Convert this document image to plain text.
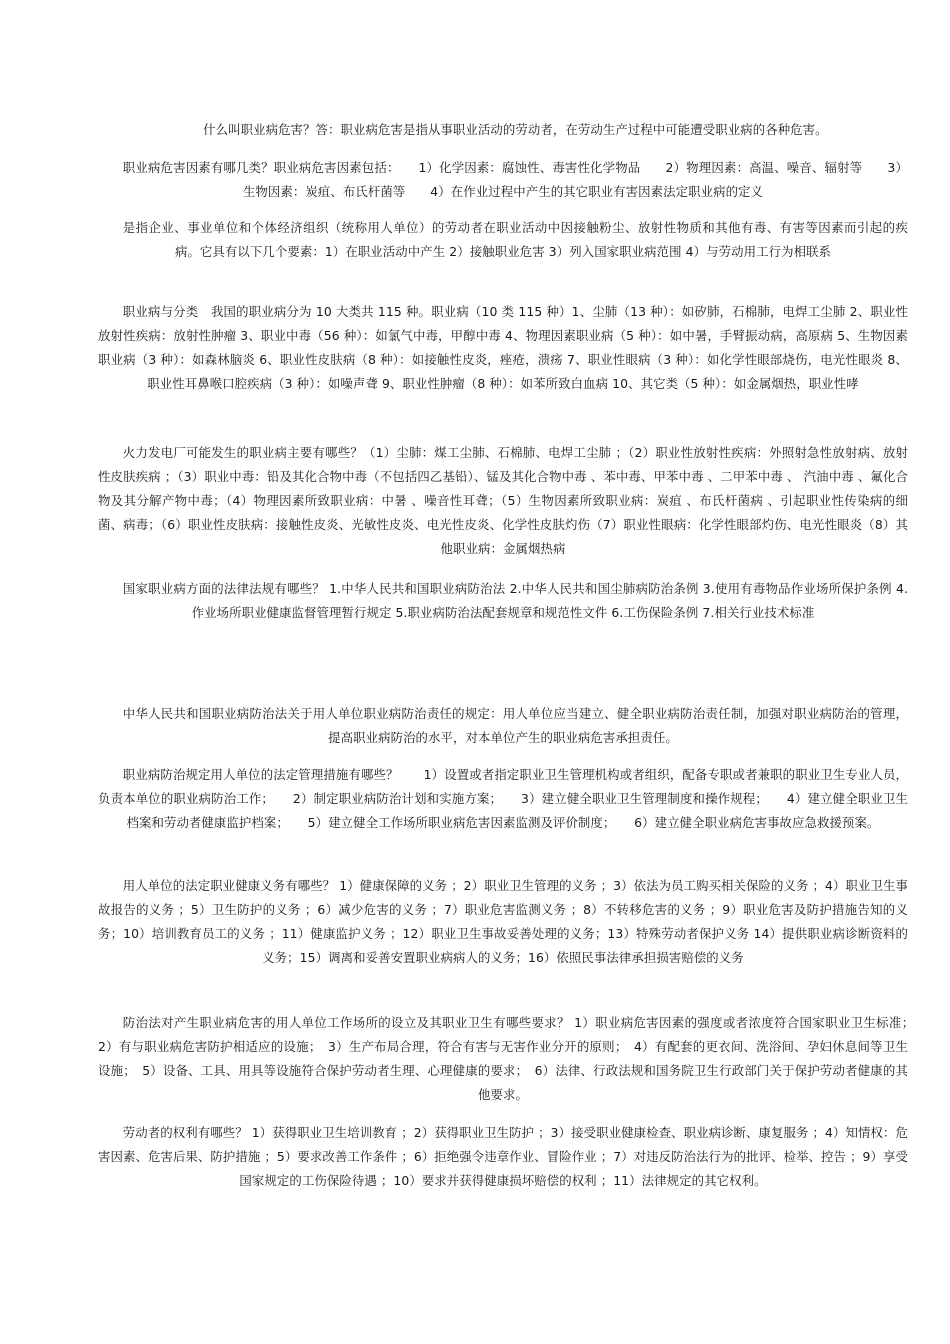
什么叫职业病危害？答：职业病危害是指从事职业活动的劳动者，在劳动生产过程中可能遭受职业病的各种危害。

职业病危害因素有哪几类？职业病危害因素包括：　　1）化学因素：腐蚀性、毒害性化学物品　　2）物理因素：高温、噪音、辐射等　　3）生物因素：炭疽、布氏杆菌等　　4）在作业过程中产生的其它职业有害因素法定职业病的定义

是指企业、事业单位和个体经济组织（统称用人单位）的劳动者在职业活动中因接触粉尘、放射性物质和其他有毒、有害等因素而引起的疾病。它具有以下几个要素：1）在职业活动中产生 2）接触职业危害 3）列入国家职业病范围 4）与劳动用工行为相联系

职业病与分类　我国的职业病分为 10 大类共 115 种。职业病（10 类 115 种）1、尘肺（13 种）：如矽肺，石棉肺，电焊工尘肺 2、职业性放射性疾病：放射性肿瘤 3、职业中毒（56 种）：如氯气中毒，甲醇中毒 4、物理因素职业病（5 种）：如中暑，手臂振动病，高原病 5、生物因素职业病（3 种）：如森林脑炎 6、职业性皮肤病（8 种）：如接触性皮炎，痤疮，溃疡 7、职业性眼病（3 种）：如化学性眼部烧伤，电光性眼炎 8、职业性耳鼻喉口腔疾病（3 种）：如噪声聋 9、职业性肿瘤（8 种）：如苯所致白血病 10、其它类（5 种）：如金属烟热，职业性哮

火力发电厂可能发生的职业病主要有哪些？（1）尘肺：煤工尘肺、石棉肺、电焊工尘肺 ；（2）职业性放射性疾病：外照射急性放射病、放射性皮肤疾病 ；（3）职业中毒：铅及其化合物中毒（不包括四乙基铅）、锰及其化合物中毒 、苯中毒、甲苯中毒 、二甲苯中毒 、 汽油中毒 、氟化合物及其分解产物中毒；（4）物理因素所致职业病：中暑 、噪音性耳聋；（5）生物因素所致职业病：炭疽 、布氏杆菌病 、引起职业性传染病的细菌、病毒；（6）职业性皮肤病：接触性皮炎、光敏性皮炎、电光性皮炎、化学性皮肤灼伤（7）职业性眼病：化学性眼部灼伤、电光性眼炎（8）其他职业病：金属烟热病

国家职业病方面的法律法规有哪些？ 1.中华人民共和国职业病防治法 2.中华人民共和国尘肺病防治条例 3.使用有毒物品作业场所保护条例 4.作业场所职业健康监督管理暂行规定 5.职业病防治法配套规章和规范性文件 6.工伤保险条例 7.相关行业技术标准

中华人民共和国职业病防治法关于用人单位职业病防治责任的规定：用人单位应当建立、健全职业病防治责任制，加强对职业病防治的管理，提高职业病防治的水平，对本单位产生的职业病危害承担责任。

职业病防治规定用人单位的法定管理措施有哪些？　　1）设置或者指定职业卫生管理机构或者组织，配备专职或者兼职的职业卫生专业人员，负责本单位的职业病防治工作；　　2）制定职业病防治计划和实施方案；　　3）建立健全职业卫生管理制度和操作规程；　　4）建立健全职业卫生档案和劳动者健康监护档案；　　5）建立健全工作场所职业病危害因素监测及评价制度；　　6）建立健全职业病危害事故应急救援预案。

用人单位的法定职业健康义务有哪些？ 1）健康保障的义务 ；2）职业卫生管理的义务 ；3）依法为员工购买相关保险的义务 ；4）职业卫生事故报告的义务 ；5）卫生防护的义务 ；6）减少危害的义务 ；7）职业危害监测义务 ；8）不转移危害的义务 ；9）职业危害及防护措施告知的义务；10）培训教育员工的义务 ；11）健康监护义务 ；12）职业卫生事故妥善处理的义务；13）特殊劳动者保护义务 14）提供职业病诊断资料的义务；15）调离和妥善安置职业病病人的义务；16）依照民事法律承担损害赔偿的义务

防治法对产生职业病危害的用人单位工作场所的设立及其职业卫生有哪些要求？ 1）职业病危害因素的强度或者浓度符合国家职业卫生标准；　2）有与职业病危害防护相适应的设施；　3）生产布局合理，符合有害与无害作业分开的原则；　4）有配套的更衣间、洗浴间、孕妇休息间等卫生设施；　5）设备、工具、用具等设施符合保护劳动者生理、心理健康的要求；　6）法律、行政法规和国务院卫生行政部门关于保护劳动者健康的其他要求。

劳动者的权利有哪些？ 1）获得职业卫生培训教育 ；2）获得职业卫生防护 ；3）接受职业健康检查、职业病诊断、康复服务 ；4）知情权：危害因素、危害后果、防护措施 ；5）要求改善工作条件 ；6）拒绝强令违章作业、冒险作业 ；7）对违反防治法行为的批评、检举、控告 ；9）享受国家规定的工伤保险待遇 ；10）要求并获得健康损坏赔偿的权利 ；11）法律规定的其它权利。
